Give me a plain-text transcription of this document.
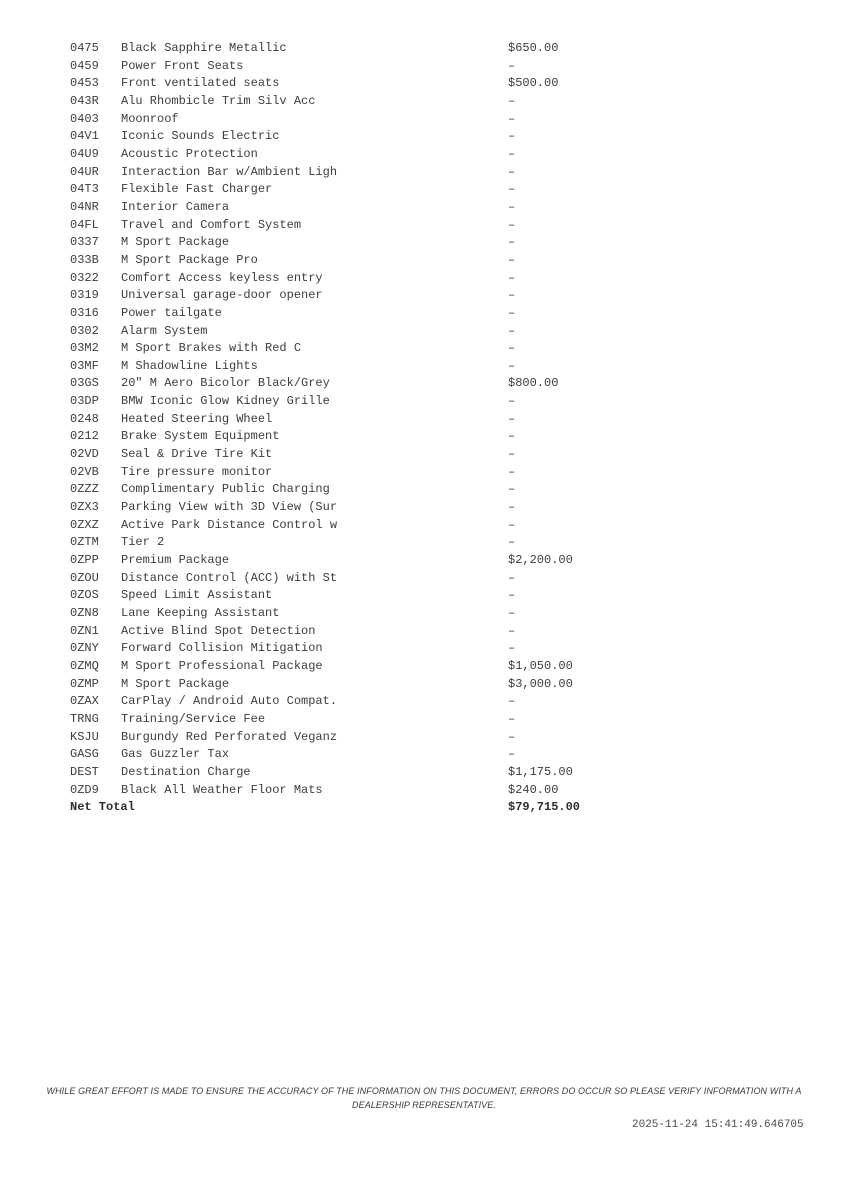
0475	Black Sapphire Metallic	$650.00
0459	Power Front Seats	–
0453	Front ventilated seats	$500.00
043R	Alu Rhombicle Trim Silv Acc	–
0403	Moonroof	–
04V1	Iconic Sounds Electric	–
04U9	Acoustic Protection	–
04UR	Interaction Bar w/Ambient Ligh	–
04T3	Flexible Fast Charger	–
04NR	Interior Camera	–
04FL	Travel and Comfort System	–
0337	M Sport Package	–
033B	M Sport Package Pro	–
0322	Comfort Access keyless entry	–
0319	Universal garage-door opener	–
0316	Power tailgate	–
0302	Alarm System	–
03M2	M Sport Brakes with Red C	–
03MF	M Shadowline Lights	–
03GS	20" M Aero Bicolor Black/Grey	$800.00
03DP	BMW Iconic Glow Kidney Grille	–
0248	Heated Steering Wheel	–
0212	Brake System Equipment	–
02VD	Seal & Drive Tire Kit	–
02VB	Tire pressure monitor	–
0ZZZ	Complimentary Public Charging	–
0ZX3	Parking View with 3D View (Sur	–
0ZXZ	Active Park Distance Control w	–
0ZTM	Tier 2	–
0ZPP	Premium Package	$2,200.00
0ZOU	Distance Control (ACC) with St	–
0ZOS	Speed Limit Assistant	–
0ZN8	Lane Keeping Assistant	–
0ZN1	Active Blind Spot Detection	–
0ZNY	Forward Collision Mitigation	–
0ZMQ	M Sport Professional Package	$1,050.00
0ZMP	M Sport Package	$3,000.00
0ZAX	CarPlay / Android Auto Compat.	–
TRNG	Training/Service Fee	–
KSJU	Burgundy Red Perforated Veganz	–
GASG	Gas Guzzler Tax	–
DEST	Destination Charge	$1,175.00
0ZD9	Black All Weather Floor Mats	$240.00
Net Total	$79,715.00
WHILE GREAT EFFORT IS MADE TO ENSURE THE ACCURACY OF THE INFORMATION ON THIS DOCUMENT, ERRORS DO OCCUR SO PLEASE VERIFY INFORMATION WITH A
DEALERSHIP REPRESENTATIVE.
2025-11-24 15:41:49.646705
